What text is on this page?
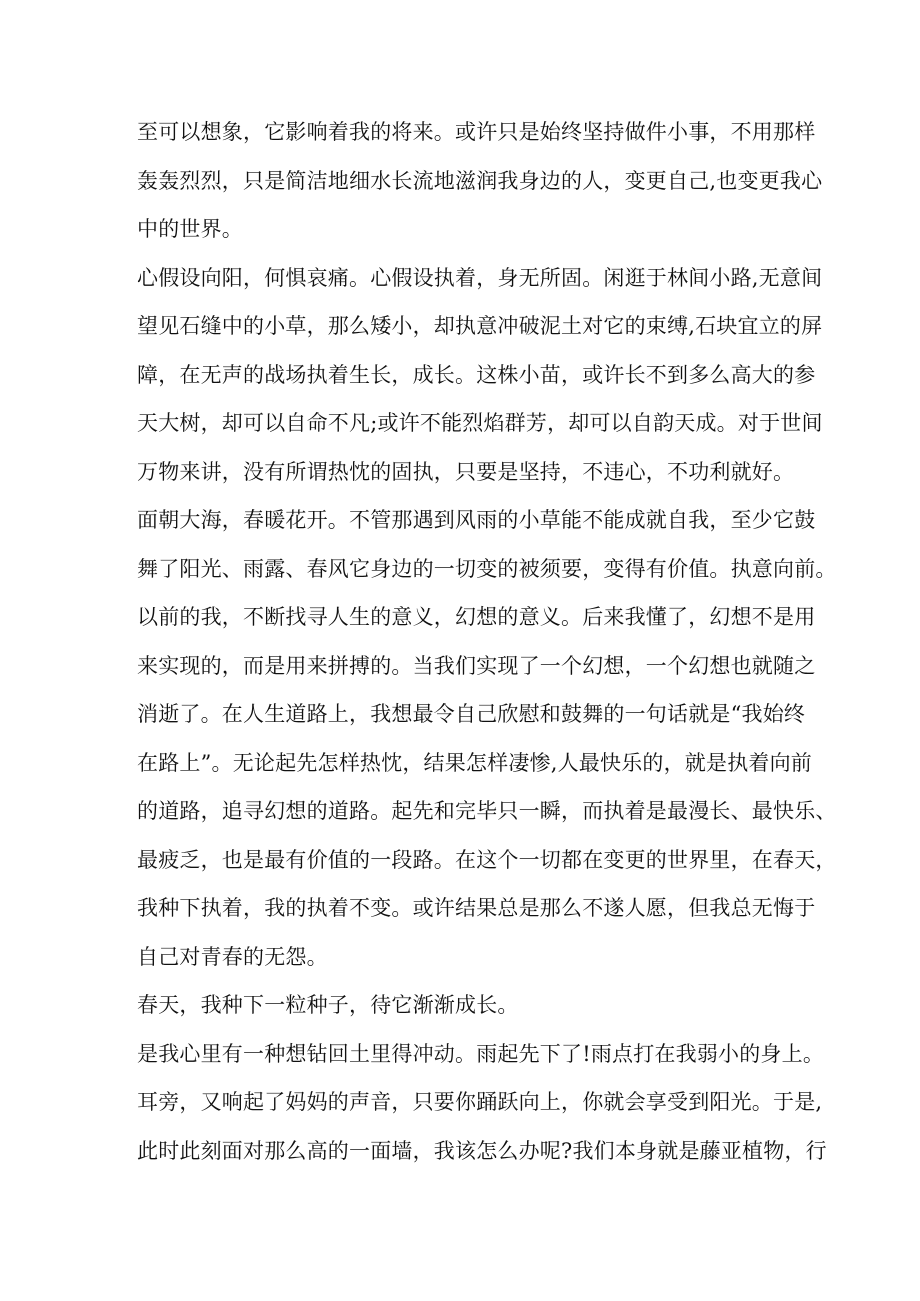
至可以想象，它影响着我的将来。或许只是始终坚持做件小事，不用那样
轰轰烈烈，只是简洁地细水长流地滋润我身边的人，变更自己,也变更我心
中的世界。
心假设向阳，何惧哀痛。心假设执着，身无所固。闲逛于林间小路,无意间
望见石缝中的小草，那么矮小，却执意冲破泥土对它的束缚,石块宜立的屏
障，在无声的战场执着生长，成长。这株小苗，或许长不到多么高大的参
天大树，却可以自命不凡;或许不能烈焰群芳，却可以自韵天成。对于世间
万物来讲，没有所谓热忱的固执，只要是坚持，不违心，不功利就好。
面朝大海，春暖花开。不管那遇到风雨的小草能不能成就自我，至少它鼓
舞了阳光、雨露、春风它身边的一切变的被须要，变得有价值。执意向前。
以前的我，不断找寻人生的意义，幻想的意义。后来我懂了，幻想不是用
来实现的，而是用来拼搏的。当我们实现了一个幻想，一个幻想也就随之
消逝了。在人生道路上，我想最令自己欣慰和鼓舞的一句话就是“我始终
在路上”。无论起先怎样热忱，结果怎样凄惨,人最快乐的，就是执着向前
的道路，追寻幻想的道路。起先和完毕只一瞬，而执着是最漫长、最快乐、
最疲乏，也是最有价值的一段路。在这个一切都在变更的世界里，在春天，
我种下执着，我的执着不变。或许结果总是那么不遂人愿，但我总无悔于
自己对青春的无怨。
春天，我种下一粒种子，待它渐渐成长。
是我心里有一种想钻回土里得冲动。雨起先下了!雨点打在我弱小的身上。
耳旁，又响起了妈妈的声音，只要你踊跃向上，你就会享受到阳光。于是,
此时此刻面对那么高的一面墙，我该怎么办呢?我们本身就是藤亚植物，行
